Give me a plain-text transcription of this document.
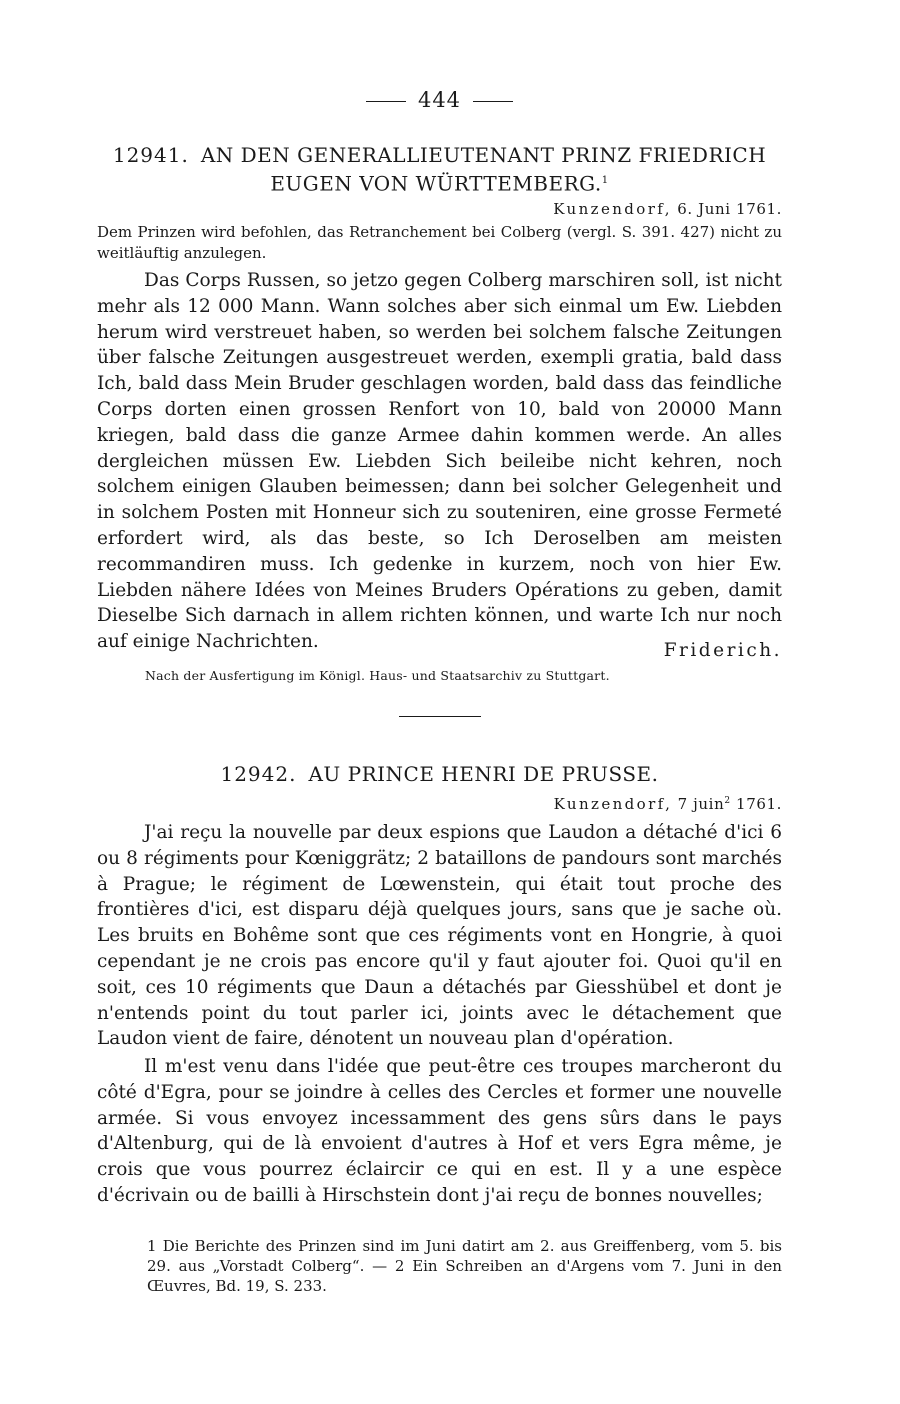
444
12941. AN DEN GENERALLIEUTENANT PRINZ FRIEDRICH
EUGEN VON WÜRTTEMBERG.$^1$
Kunzendorf, 6. Juni 1761.
Dem Prinzen wird befohlen, das Retranchement bei Colberg (vergl. S. 391. 427) nicht zu weitläuftig anzulegen.
Das Corps Russen, so jetzo gegen Colberg marschiren soll, ist nicht mehr als 12 000 Mann. Wann solches aber sich einmal um Ew. Liebden herum wird verstreuet haben, so werden bei solchem falsche Zeitungen über falsche Zeitungen ausgestreuet werden, exempli gratia, bald dass Ich, bald dass Mein Bruder geschlagen worden, bald dass das feindliche Corps dorten einen grossen Renfort von 10, bald von 20000 Mann kriegen, bald dass die ganze Armee dahin kommen werde. An alles dergleichen müssen Ew. Liebden Sich beileibe nicht kehren, noch solchem einigen Glauben beimessen; dann bei solcher Gelegenheit und in solchem Posten mit Honneur sich zu souteniren, eine grosse Fermeté erfordert wird, als das beste, so Ich Deroselben am meisten recommandiren muss. Ich gedenke in kurzem, noch von hier Ew. Liebden nähere Idées von Meines Bruders Opérations zu geben, damit Dieselbe Sich darnach in allem richten können, und warte Ich nur noch auf einige Nachrichten.	Friderich.
Nach der Ausfertigung im Königl. Haus- und Staatsarchiv zu Stuttgart.
12942. AU PRINCE HENRI DE PRUSSE.
Kunzendorf, 7 juin$^2$ 1761.
J'ai reçu la nouvelle par deux espions que Laudon a détaché d'ici 6 ou 8 régiments pour Kœniggrätz; 2 bataillons de pandours sont marchés à Prague; le régiment de Lœwenstein, qui était tout proche des frontières d'ici, est disparu déjà quelques jours, sans que je sache où. Les bruits en Bohême sont que ces régiments vont en Hongrie, à quoi cependant je ne crois pas encore qu'il y faut ajouter foi. Quoi qu'il en soit, ces 10 régiments que Daun a détachés par Giesshübel et dont je n'entends point du tout parler ici, joints avec le détachement que Laudon vient de faire, dénotent un nouveau plan d'opération.
Il m'est venu dans l'idée que peut-être ces troupes marcheront du côté d'Egra, pour se joindre à celles des Cercles et former une nouvelle armée. Si vous envoyez incessamment des gens sûrs dans le pays d'Altenburg, qui de là envoient d'autres à Hof et vers Egra même, je crois que vous pourrez éclaircir ce qui en est. Il y a une espèce d'écrivain ou de bailli à Hirschstein dont j'ai reçu de bonnes nouvelles;
1 Die Berichte des Prinzen sind im Juni datirt am 2. aus Greiffenberg, vom 5. bis 29. aus „Vorstadt Colberg“. — 2 Ein Schreiben an d'Argens vom 7. Juni in den Œuvres, Bd. 19, S. 233.
